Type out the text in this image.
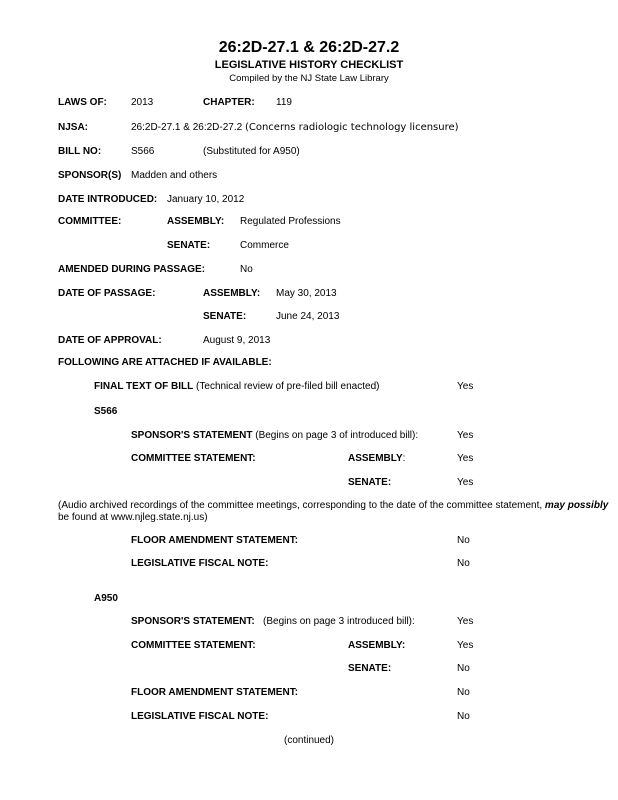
26:2D-27.1 & 26:2D-27.2
LEGISLATIVE HISTORY CHECKLIST
Compiled by the NJ State Law Library
LAWS OF: 2013	CHAPTER: 119
NJSA:	26:2D-27.1 & 26:2D-27.2 (Concerns radiologic technology licensure)
BILL NO:	S566	(Substituted for A950)
SPONSOR(S) Madden and others
DATE INTRODUCED: January 10, 2012
COMMITTEE:	ASSEMBLY: Regulated Professions
SENATE:	Commerce
AMENDED DURING PASSAGE:	No
DATE OF PASSAGE:	ASSEMBLY: May 30, 2013
SENATE:	June 24, 2013
DATE OF APPROVAL:	August 9, 2013
FOLLOWING ARE ATTACHED IF AVAILABLE:
FINAL TEXT OF BILL (Technical review of pre-filed bill enacted)	Yes
S566
SPONSOR'S STATEMENT (Begins on page 3 of introduced bill):	Yes
COMMITTEE STATEMENT:	ASSEMBLY:	Yes
SENATE:	Yes
(Audio archived recordings of the committee meetings, corresponding to the date of the committee statement, may possibly
be found at www.njleg.state.nj.us)
FLOOR AMENDMENT STATEMENT:	No
LEGISLATIVE FISCAL NOTE:	No
A950
SPONSOR'S STATEMENT: (Begins on page 3 introduced bill):	Yes
COMMITTEE STATEMENT:	ASSEMBLY:	Yes
SENATE:	No
FLOOR AMENDMENT STATEMENT:	No
LEGISLATIVE FISCAL NOTE:	No
(continued)
